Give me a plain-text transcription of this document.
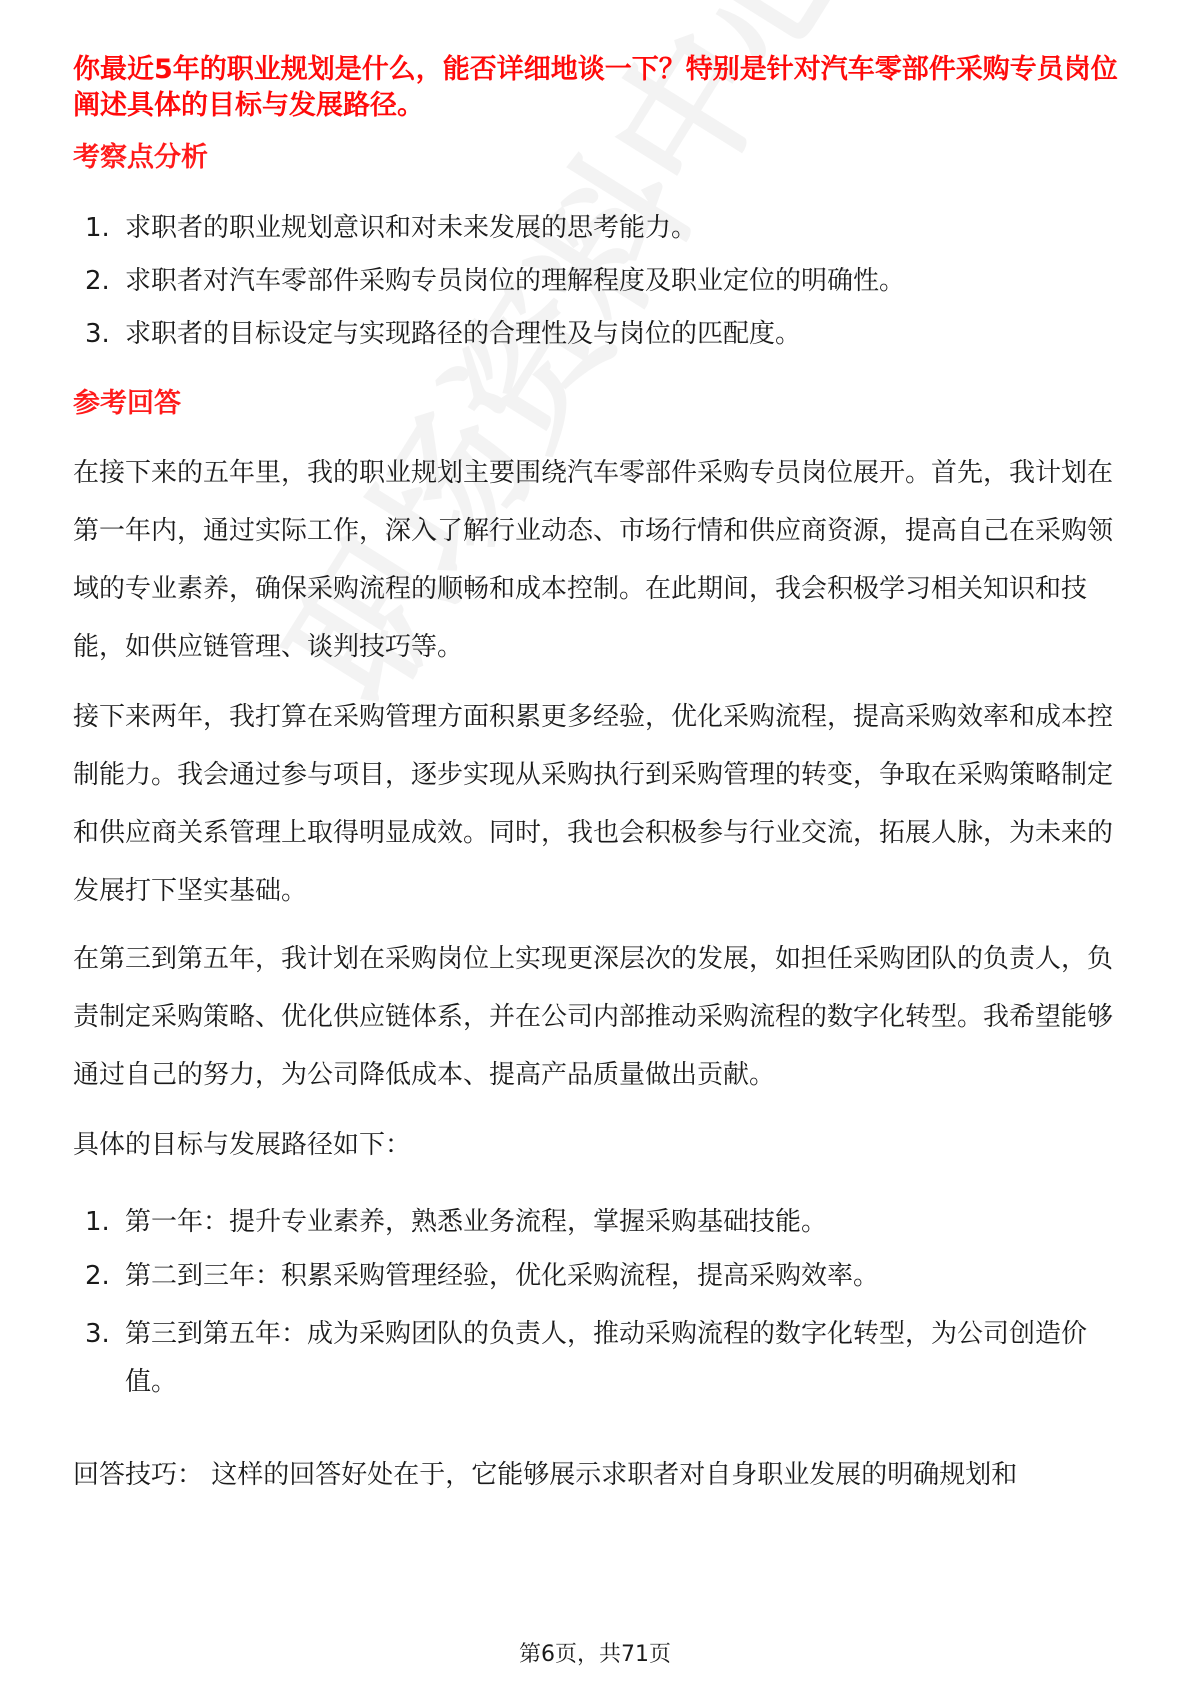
你最近5年的职业规划是什么，能否详细地谈一下？特别是针对汽车零部件采购专员岗位阐述具体的目标与发展路径。

考察点分析
1. 求职者的职业规划意识和对未来发展的思考能力。
2. 求职者对汽车零部件采购专员岗位的理解程度及职业定位的明确性。
3. 求职者的目标设定与实现路径的合理性及与岗位的匹配度。
参考回答

在接下来的五年里，我的职业规划主要围绕汽车零部件采购专员岗位展开。首先，我计划在第一年内，通过实际工作，深入了解行业动态、市场行情和供应商资源，提高自己在采购领域的专业素养，确保采购流程的顺畅和成本控制。在此期间，我会积极学习相关知识和技能，如供应链管理、谈判技巧等。

接下来两年，我打算在采购管理方面积累更多经验，优化采购流程，提高采购效率和成本控制能力。我会通过参与项目，逐步实现从采购执行到采购管理的转变，争取在采购策略制定和供应商关系管理上取得明显成效。同时，我也会积极参与行业交流，拓展人脉，为未来的发展打下坚实基础。

在第三到第五年，我计划在采购岗位上实现更深层次的发展，如担任采购团队的负责人，负责制定采购策略、优化供应链体系，并在公司内部推动采购流程的数字化转型。我希望能够通过自己的努力，为公司降低成本、提高产品质量做出贡献。

具体的目标与发展路径如下：

1. 第一年：提升专业素养，熟悉业务流程，掌握采购基础技能。
2. 第二到三年：积累采购管理经验，优化采购流程，提高采购效率。
3. 第三到第五年：成为采购团队的负责人，推动采购流程的数字化转型，为公司创造价值。

回答技巧： 这样的回答好处在于，它能够展示求职者对自身职业发展的明确规划和

第6页，共71页
